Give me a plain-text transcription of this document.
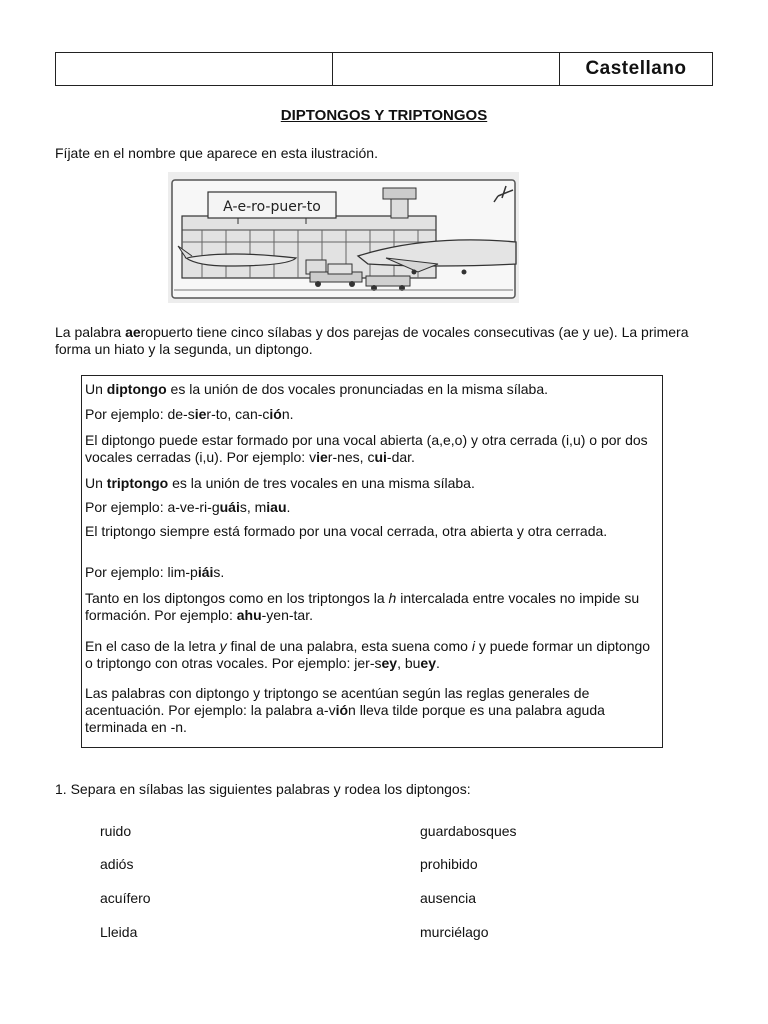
Castellano
DIPTONGOS Y TRIPTONGOS
Fíjate en el nombre que aparece en esta ilustración.
A-e-ro-puer-to
La palabra aeropuerto tiene cinco sílabas y dos parejas de vocales consecutivas (ae y ue). La primera forma un hiato y la segunda, un diptongo.

Un diptongo es la unión de dos vocales pronunciadas en la misma sílaba.

Por ejemplo: de-sier-to, can-ción.

El diptongo puede estar formado por una vocal abierta (a,e,o) y otra cerrada (i,u) o por dos vocales cerradas (i,u). Por ejemplo: vier-nes, cui-dar.

Un triptongo es la unión de tres vocales en una misma sílaba.

Por ejemplo: a-ve-ri-guáis, miau.

El triptongo siempre está formado por una vocal cerrada, otra abierta y otra cerrada.

Por ejemplo: lim-piáis.

Tanto en los diptongos como en los triptongos la h intercalada entre vocales no impide su formación. Por ejemplo: ahu-yen-tar.

En el caso de la letra y final de una palabra, esta suena como i y puede formar un diptongo o triptongo con otras vocales. Por ejemplo: jer-sey, buey.

Las palabras con diptongo y triptongo se acentúan según las reglas generales de acentuación. Por ejemplo: la palabra a-vión lleva tilde porque es una palabra aguda terminada en -n.

1. Separa en sílabas las siguientes palabras y rodea los diptongos:
ruido
adiós
acuífero
Lleida
guardabosques
prohibido
ausencia
murciélago
